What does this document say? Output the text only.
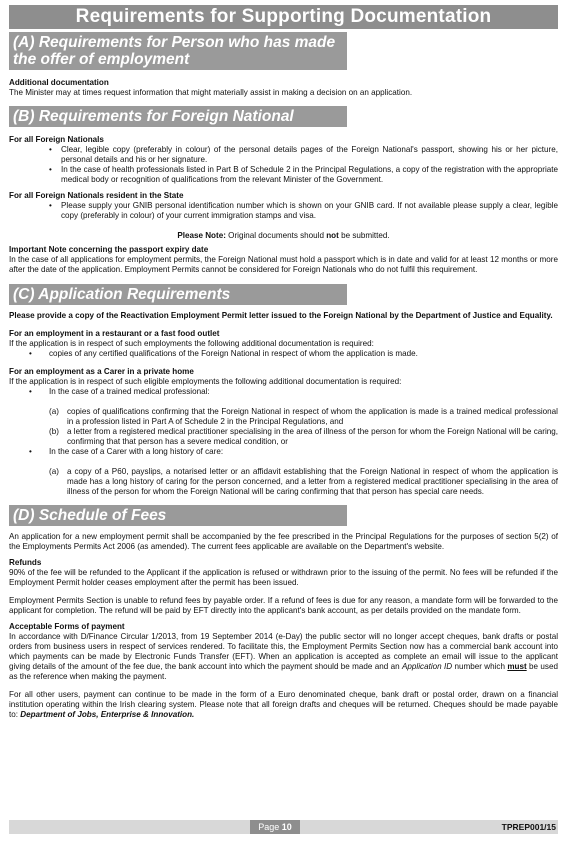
Requirements for Supporting Documentation
(A) Requirements for Person who has made the offer of employment

Additional documentation

The Minister may at times request information that might materially assist in making a decision on an application.

(B) Requirements for Foreign National

For all Foreign Nationals

• Clear, legible copy (preferably in colour) of the personal details pages of the Foreign National's passport, showing his or her picture, personal details and his or her signature.
• In the case of health professionals listed in Part B of Schedule 2 in the Principal Regulations, a copy of the registration with the appropriate medical body or recognition of qualifications from the relevant Minister of the Government.

For all Foreign Nationals resident in the State

• Please supply your GNIB personal identification number which is shown on your GNIB card. If not available please supply a clear, legible copy (preferably in colour) of your current immigration stamps and visa.

Please Note: Original documents should not be submitted.

Important Note concerning the passport expiry date

In the case of all applications for employment permits, the Foreign National must hold a passport which is in date and valid for at least 12 months or more after the date of the application. Employment Permits cannot be considered for Foreign Nationals who do not fulfil this requirement.

(C) Application Requirements

Please provide a copy of the Reactivation Employment Permit letter issued to the Foreign National by the Department of Justice and Equality.

For an employment in a restaurant or a fast food outlet

If the application is in respect of such employments the following additional documentation is required:

• copies of any certified qualifications of the Foreign National in respect of whom the application is made.

For an employment as a Carer in a private home

If the application is in respect of such eligible employments the following additional documentation is required:

• In the case of a trained medical professional:
(a) copies of qualifications confirming that the Foreign National in respect of whom the application is made is a trained medical professional in a profession listed in Part A of Schedule 2 in the Principal Regulations, and
(b) a letter from a registered medical practitioner specialising in the area of illness of the person for whom the Foreign National will be caring, confirming that that person has a severe medical condition, or
• In the case of a Carer with a long history of care:
(a) a copy of a P60, payslips, a notarised letter or an affidavit establishing that the Foreign National in respect of whom the application is made has a long history of caring for the person concerned, and a letter from a registered medical practitioner specialising in the area of illness of the person for whom the Foreign National will be caring confirming that that person has special care needs.
(D) Schedule of Fees

An application for a new employment permit shall be accompanied by the fee prescribed in the Principal Regulations for the purposes of section 5(2) of the Employments Permits Act 2006 (as amended). The current fees applicable are available on the Department's website.

Refunds

90% of the fee will be refunded to the Applicant if the application is refused or withdrawn prior to the issuing of the permit. No fees will be refunded if the Employment Permit holder ceases employment after the permit has been issued.

Employment Permits Section is unable to refund fees by payable order. If a refund of fees is due for any reason, a mandate form will be forwarded to the applicant for completion. The refund will be paid by EFT directly into the applicant's bank account, as per details provided on the mandate form.

Acceptable Forms of payment

In accordance with D/Finance Circular 1/2013, from 19 September 2014 (e-Day) the public sector will no longer accept cheques, bank drafts or postal orders from business users in respect of services rendered. To facilitate this, the Employment Permits Section now has a commercial bank account into which payments can be made by Electronic Funds Transfer (EFT). When an application is accepted as complete an email will issue to the applicant giving details of the amount of the fee due, the bank account into which the payment should be made and an Application ID number which must be used as the reference when making the payment.

For all other users, payment can continue to be made in the form of a Euro denominated cheque, bank draft or postal order, drawn on a financial institution operating within the Irish clearing system. Please note that all foreign drafts and cheques will be returned. Cheques should be made payable to: Department of Jobs, Enterprise & Innovation.

Page 10	TPREP001/15
